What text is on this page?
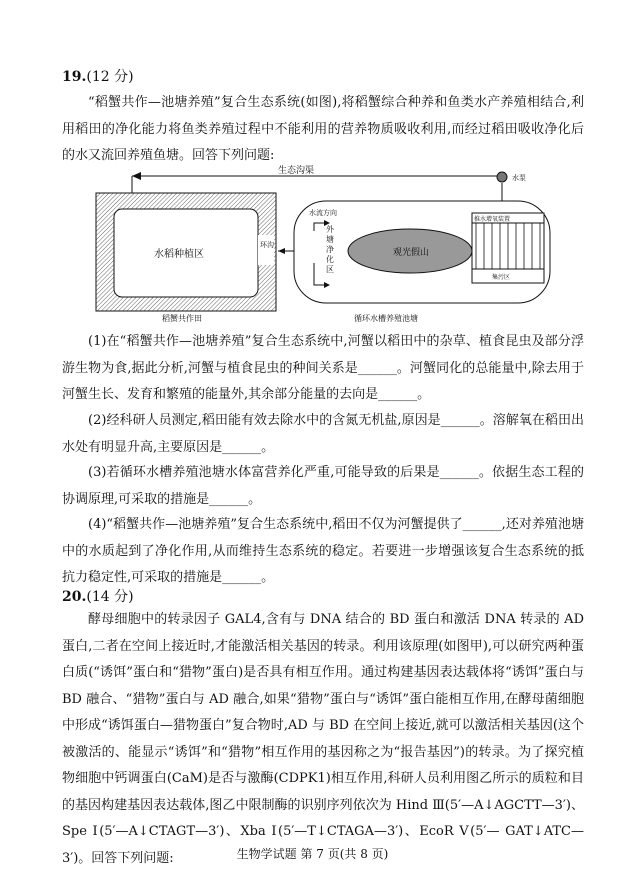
19.(12 分)

“稻蟹共作—池塘养殖”复合生态系统(如图),将稻蟹综合种养和鱼类水产养殖相结合,利用稻田的净化能力将鱼类养殖过程中不能利用的营养物质吸收利用,而经过稻田吸收净化后的水又流回养殖鱼塘。回答下列问题:

生态沟渠
水泵
水稻种植区
环沟
稻蟹共作田
水流方向
外塘净化区
观光假山
推水增氧装置
集污区
循环水槽养殖池塘

(1)在“稻蟹共作—池塘养殖”复合生态系统中,河蟹以稻田中的杂草、植食昆虫及部分浮游生物为食,据此分析,河蟹与植食昆虫的种间关系是______。河蟹同化的总能量中,除去用于河蟹生长、发育和繁殖的能量外,其余部分能量的去向是______。

(2)经科研人员测定,稻田能有效去除水中的含氮无机盐,原因是______。溶解氧在稻田出水处有明显升高,主要原因是______。

(3)若循环水槽养殖池塘水体富营养化严重,可能导致的后果是______。依据生态工程的协调原理,可采取的措施是______。

(4)“稻蟹共作—池塘养殖”复合生态系统中,稻田不仅为河蟹提供了______,还对养殖池塘中的水质起到了净化作用,从而维持生态系统的稳定。若要进一步增强该复合生态系统的抵抗力稳定性,可采取的措施是______。

20.(14 分)

酵母细胞中的转录因子 GAL4,含有与 DNA 结合的 BD 蛋白和激活 DNA 转录的 AD 蛋白,二者在空间上接近时,才能激活相关基因的转录。利用该原理(如图甲),可以研究两种蛋白质(“诱饵”蛋白和“猎物”蛋白)是否具有相互作用。通过构建基因表达载体将“诱饵”蛋白与 BD 融合、“猎物”蛋白与 AD 融合,如果“猎物”蛋白与“诱饵”蛋白能相互作用,在酵母菌细胞中形成“诱饵蛋白—猎物蛋白”复合物时,AD 与 BD 在空间上接近,就可以激活相关基因(这个被激活的、能显示“诱饵”和“猎物”相互作用的基因称之为“报告基因”)的转录。为了探究植物细胞中钙调蛋白(CaM)是否与激酶(CDPK1)相互作用,科研人员利用图乙所示的质粒和目的基因构建基因表达载体,图乙中限制酶的识别序列依次为 Hind Ⅲ(5′—A↓AGCTT—3′)、Spe Ⅰ(5′—A↓CTAGT—3′)、Xba Ⅰ(5′—T↓CTAGA—3′)、EcoR Ⅴ(5′— GAT↓ATC—3′)。回答下列问题:	生物学试题 第 7 页(共 8 页)
